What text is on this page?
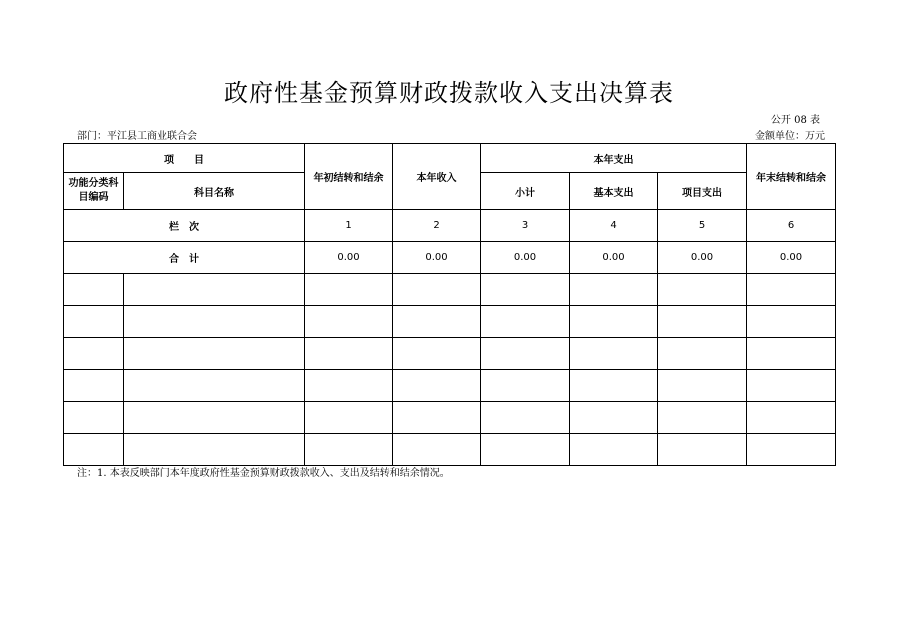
政府性基金预算财政拨款收入支出决算表
公开 08 表
部门：平江县工商业联合会	金额单位：万元
项　　目		年初结转和结余	本年收入	本年支出			年末结转和结余
功能分类科目编码	科目名称			小计	基本支出	项目支出	
栏　次		1	2	3	4	5	6
合　计		0.00	0.00	0.00	0.00	0.00	0.00

注：1. 本表反映部门本年度政府性基金预算财政拨款收入、支出及结转和结余情况。
